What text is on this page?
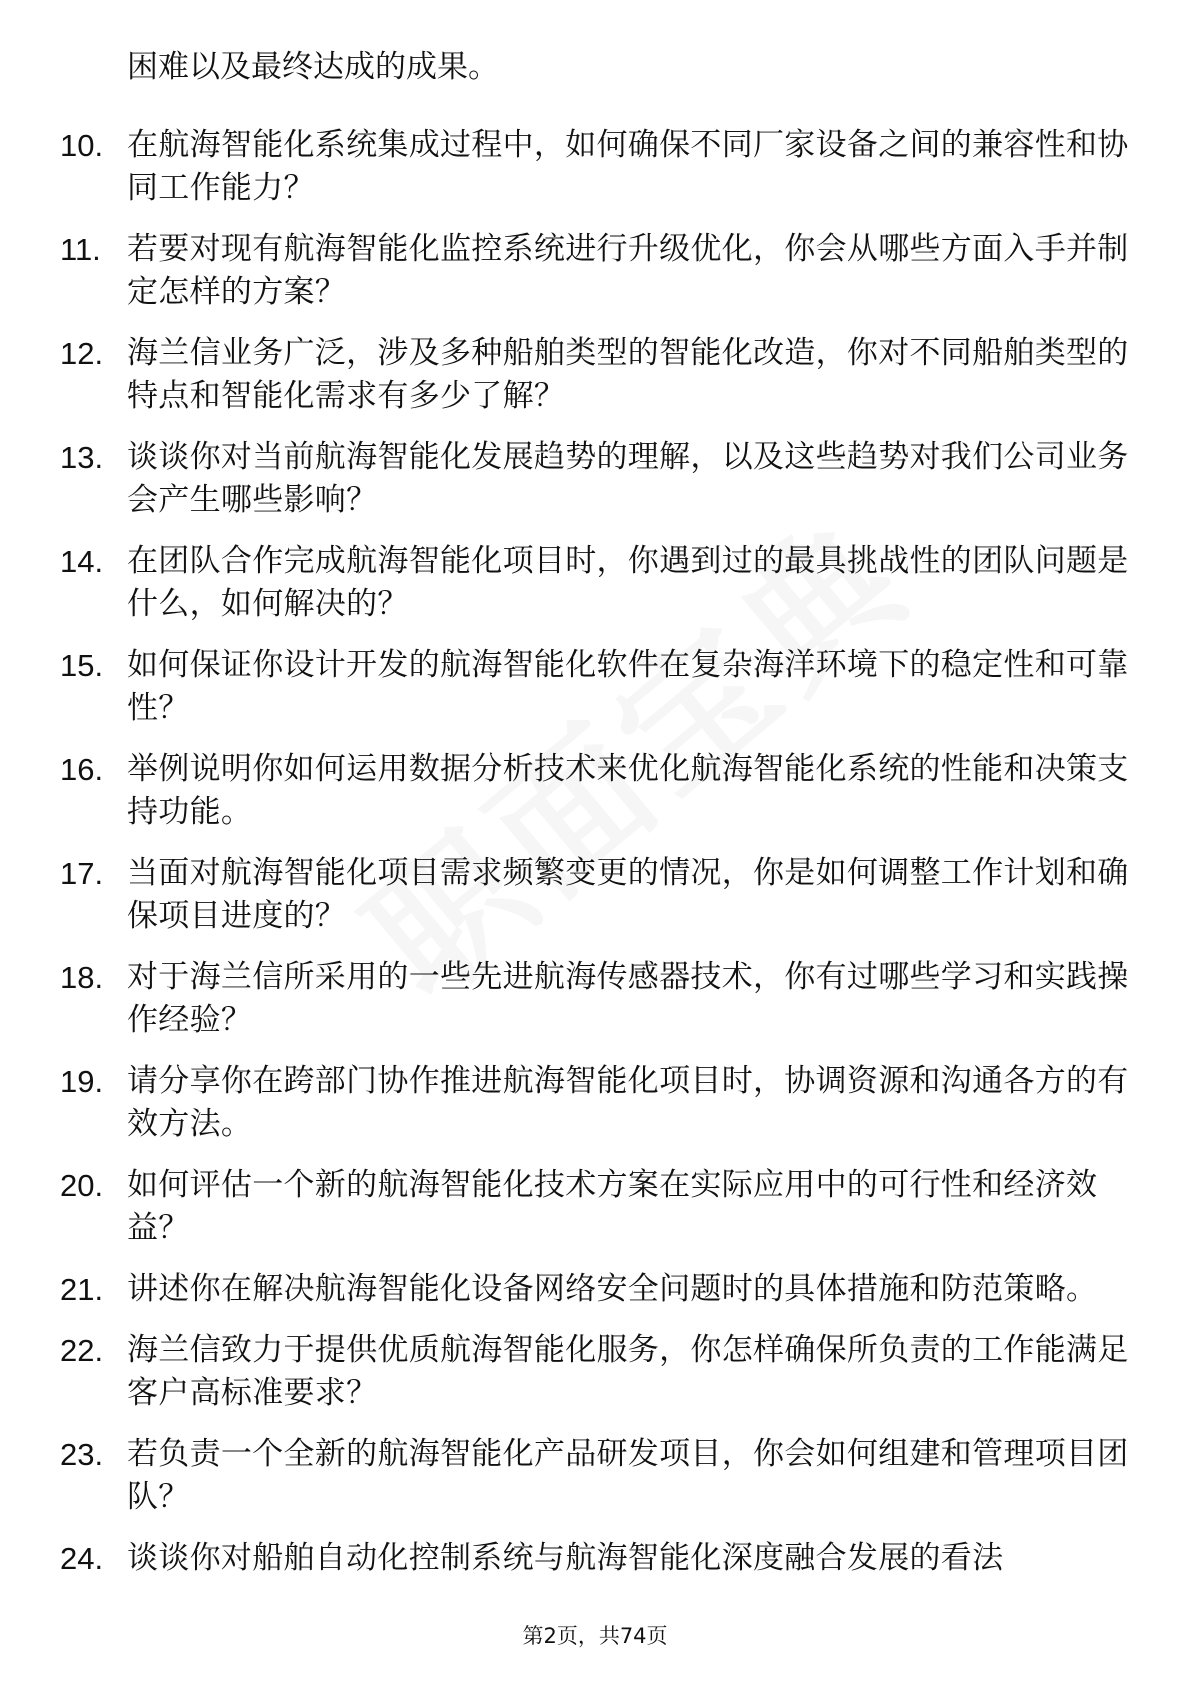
困难以及最终达成的成果。

10. 在航海智能化系统集成过程中，如何确保不同厂家设备之间的兼容性和协同工作能力？
11. 若要对现有航海智能化监控系统进行升级优化，你会从哪些方面入手并制定怎样的方案？
12. 海兰信业务广泛，涉及多种船舶类型的智能化改造，你对不同船舶类型的特点和智能化需求有多少了解？
13. 谈谈你对当前航海智能化发展趋势的理解，以及这些趋势对我们公司业务会产生哪些影响？
14. 在团队合作完成航海智能化项目时，你遇到过的最具挑战性的团队问题是什么，如何解决的？
15. 如何保证你设计开发的航海智能化软件在复杂海洋环境下的稳定性和可靠性？
16. 举例说明你如何运用数据分析技术来优化航海智能化系统的性能和决策支持功能。
17. 当面对航海智能化项目需求频繁变更的情况，你是如何调整工作计划和确保项目进度的？
18. 对于海兰信所采用的一些先进航海传感器技术，你有过哪些学习和实践操作经验？
19. 请分享你在跨部门协作推进航海智能化项目时，协调资源和沟通各方的有效方法。
20. 如何评估一个新的航海智能化技术方案在实际应用中的可行性和经济效益？
21. 讲述你在解决航海智能化设备网络安全问题时的具体措施和防范策略。
22. 海兰信致力于提供优质航海智能化服务，你怎样确保所负责的工作能满足客户高标准要求？
23. 若负责一个全新的航海智能化产品研发项目，你会如何组建和管理项目团队？
24. 谈谈你对船舶自动化控制系统与航海智能化深度融合发展的看法
第2页，共74页
